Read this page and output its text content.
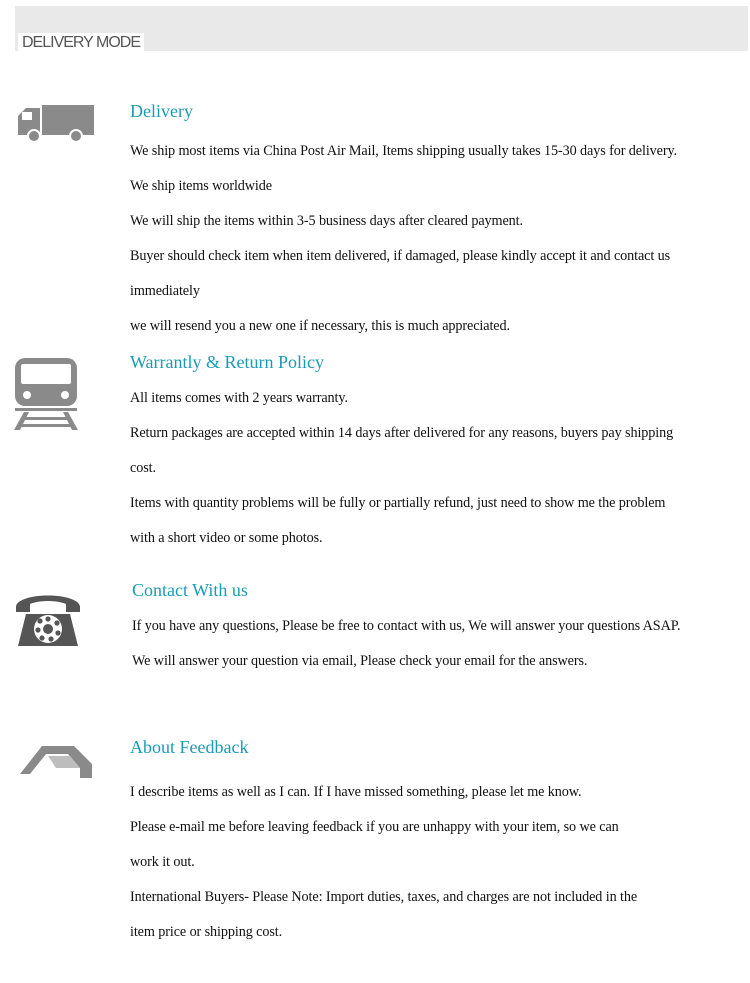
DELIVERY MODE
Delivery
We ship most items via China Post Air Mail, Items shipping usually takes 15-30 days for delivery.
We ship items worldwide
We will ship the items within 3-5 business days after cleared payment.
Buyer should check item when item delivered, if damaged, please kindly accept it and contact us
immediately
we will resend you a new one if necessary, this is much appreciated.
Warrantly & Return Policy
All items comes with 2 years warranty.
Return packages are accepted within 14 days after delivered for any reasons, buyers pay shipping
cost.
Items with quantity problems will be fully or partially refund, just need to show me the problem
with a short video or some photos.
Contact With us
If you have any questions, Please be free to contact with us, We will answer your questions ASAP.
We will answer your question via email, Please check your email for the answers.
About Feedback
I describe items as well as I can. If I have missed something, please let me know.
Please e-mail me before leaving feedback if you are unhappy with your item, so we can
work it out.
International Buyers- Please Note: Import duties, taxes, and charges are not included in the
item price or shipping cost.
